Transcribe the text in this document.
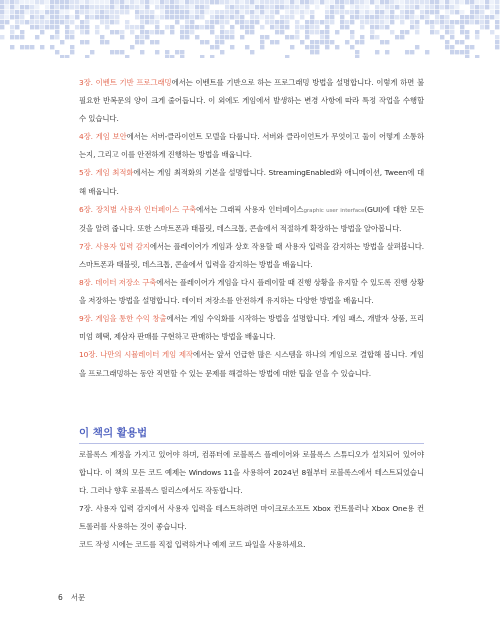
3장. 이벤트 기반 프로그래밍에서는 이벤트를 기반으로 하는 프로그래밍 방법을 설명합니다. 이렇게 하면 불필요한 반복문의 양이 크게 줄어듭니다. 이 외에도 게임에서 발생하는 변경 사항에 따라 특정 작업을 수행할 수 있습니다.

4장. 게임 보안에서는 서버-클라이언트 모델을 다룹니다. 서버와 클라이언트가 무엇이고 둘이 어떻게 소통하는지, 그리고 이를 안전하게 진행하는 방법을 배웁니다.

5장. 게임 최적화에서는 게임 최적화의 기본을 설명합니다. StreamingEnabled와 애니메이션, Tween에 대해 배웁니다.

6장. 장치별 사용자 인터페이스 구축에서는 그래픽 사용자 인터페이스graphic user interface(GUI)에 대한 모든 것을 알려 줍니다. 또한 스마트폰과 태블릿, 데스크톱, 콘솔에서 적절하게 확장하는 방법을 알아봅니다.

7장. 사용자 입력 감지에서는 플레이어가 게임과 상호 작용할 때 사용자 입력을 감지하는 방법을 살펴봅니다. 스마트폰과 태블릿, 데스크톱, 콘솔에서 입력을 감지하는 방법을 배웁니다.

8장. 데이터 저장소 구축에서는 플레이어가 게임을 다시 플레이할 때 진행 상황을 유지할 수 있도록 진행 상황을 저장하는 방법을 설명합니다. 데이터 저장소를 안전하게 유지하는 다양한 방법을 배웁니다.

9장. 게임을 통한 수익 창출에서는 게임 수익화를 시작하는 방법을 설명합니다. 게임 패스, 개발자 상품, 프리미엄 혜택, 제삼자 판매를 구현하고 판매하는 방법을 배웁니다.

10장. 나만의 시뮬레이터 게임 제작에서는 앞서 언급한 많은 시스템을 하나의 게임으로 결합해 봅니다. 게임을 프로그래밍하는 동안 직면할 수 있는 문제를 해결하는 방법에 대한 팁을 얻을 수 있습니다.

이 책의 활용법

로블록스 계정을 가지고 있어야 하며, 컴퓨터에 로블록스 플레이어와 로블록스 스튜디오가 설치되어 있어야 합니다. 이 책의 모든 코드 예제는 Windows 11을 사용하여 2024년 8월부터 로블록스에서 테스트되었습니다. 그러나 향후 로블록스 릴리스에서도 작동합니다.

7장. 사용자 입력 감지에서 사용자 입력을 테스트하려면 마이크로소프트 Xbox 컨트롤러나 Xbox One용 컨트롤러를 사용하는 것이 좋습니다.

코드 작성 시에는 코드를 직접 입력하거나 예제 코드 파일을 사용하세요.

6 서문
